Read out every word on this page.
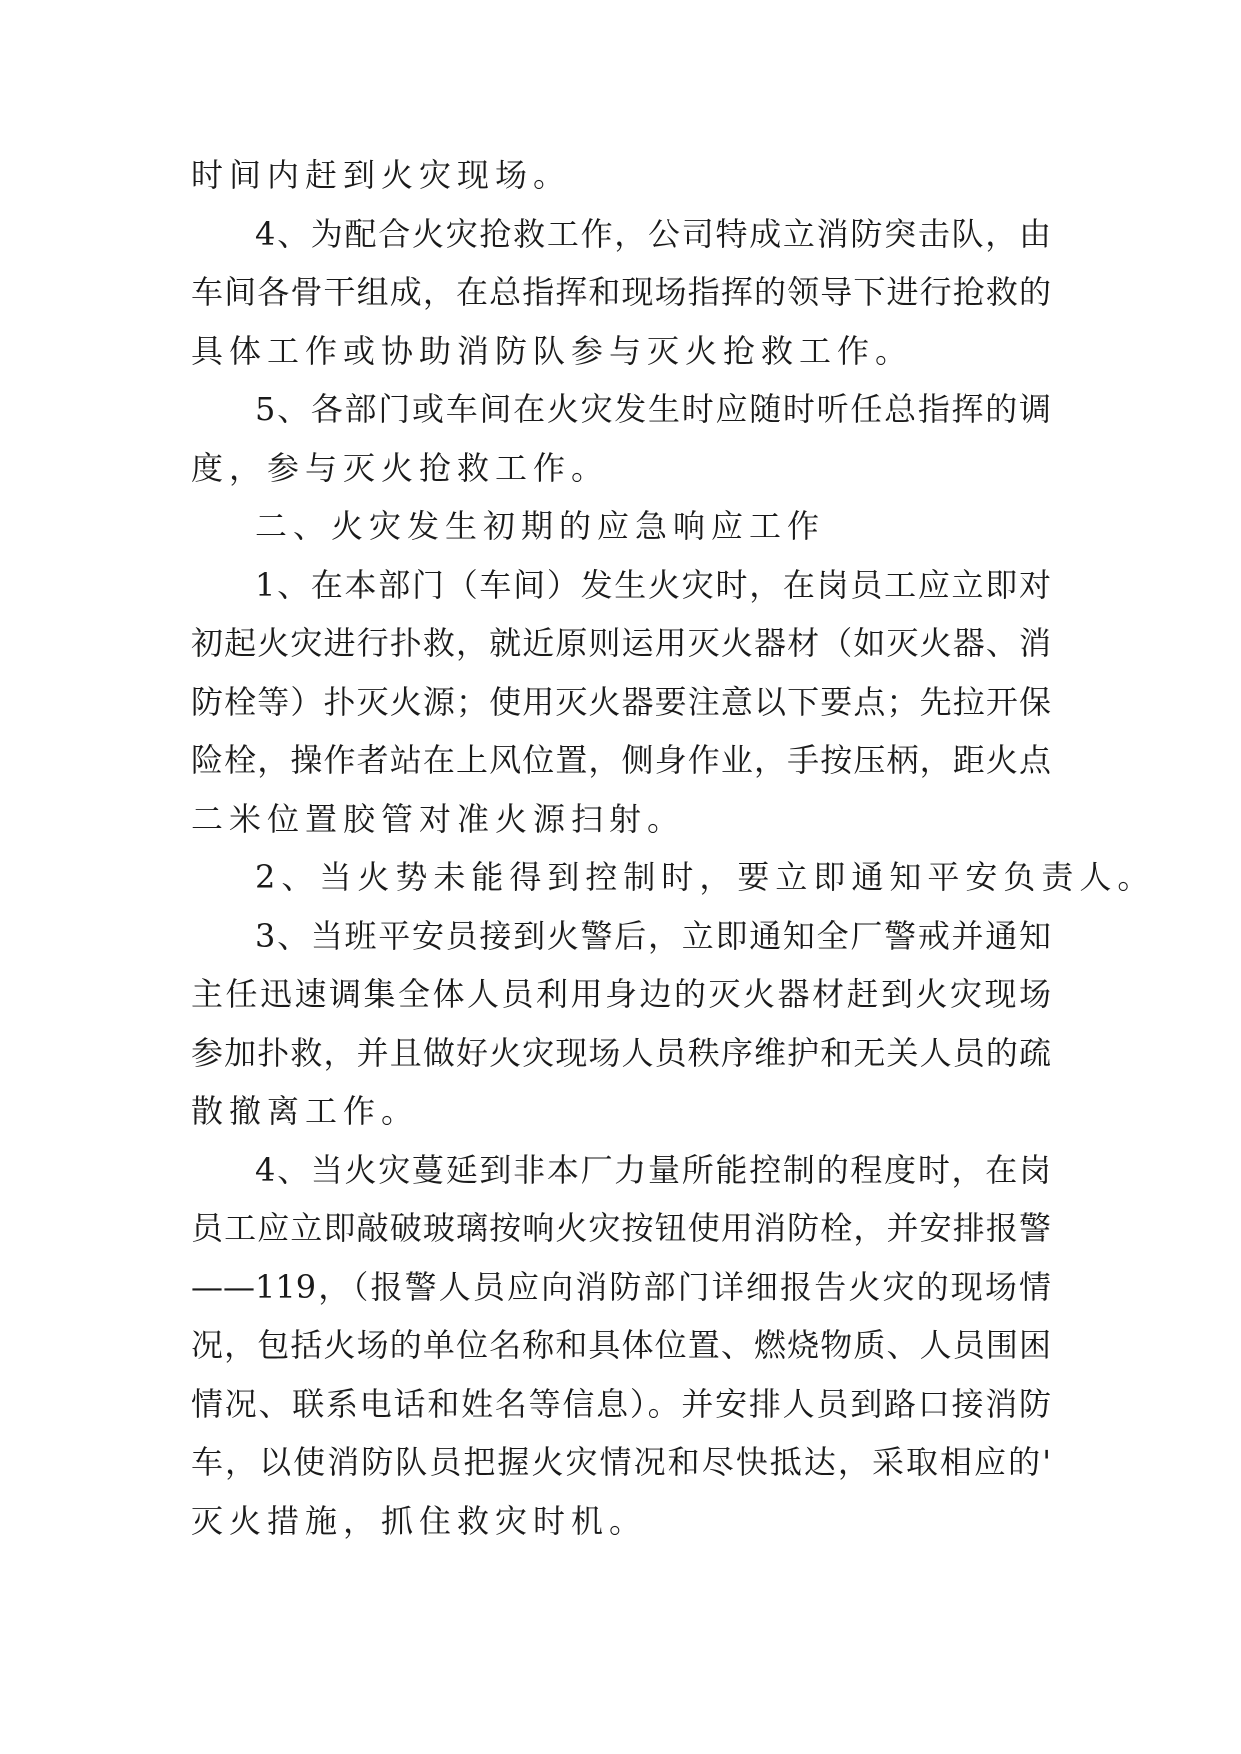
时间内赶到火灾现场。
4、为配合火灾抢救工作，公司特成立消防突击队，由
车间各骨干组成，在总指挥和现场指挥的领导下进行抢救的
具体工作或协助消防队参与灭火抢救工作。
5、各部门或车间在火灾发生时应随时听任总指挥的调
度，参与灭火抢救工作。
二、火灾发生初期的应急响应工作
1、在本部门（车间）发生火灾时，在岗员工应立即对
初起火灾进行扑救，就近原则运用灭火器材（如灭火器、消
防栓等）扑灭火源；使用灭火器要注意以下要点；先拉开保
险栓，操作者站在上风位置，侧身作业，手按压柄，距火点
二米位置胶管对准火源扫射。
2、当火势未能得到控制时，要立即通知平安负责人。
3、当班平安员接到火警后，立即通知全厂警戒并通知
主任迅速调集全体人员利用身边的灭火器材赶到火灾现场
参加扑救，并且做好火灾现场人员秩序维护和无关人员的疏
散撤离工作。
4、当火灾蔓延到非本厂力量所能控制的程度时，在岗
员工应立即敲破玻璃按响火灾按钮使用消防栓，并安排报警
——119，（报警人员应向消防部门详细报告火灾的现场情
况，包括火场的单位名称和具体位置、燃烧物质、人员围困
情况、联系电话和姓名等信息）。并安排人员到路口接消防
车，以使消防队员把握火灾情况和尽快抵达，采取相应的'
灭火措施，抓住救灾时机。
